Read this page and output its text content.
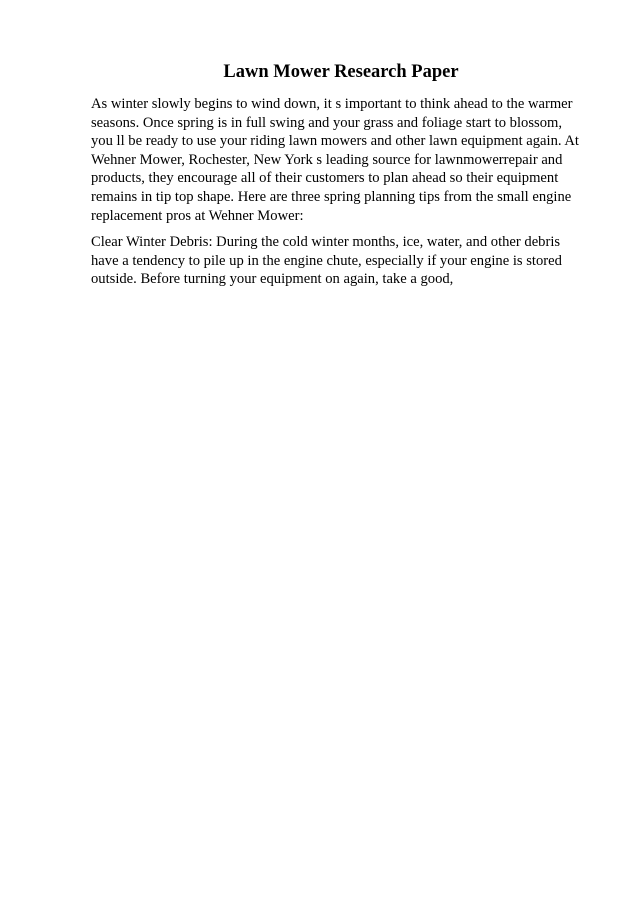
Lawn Mower Research Paper
As winter slowly begins to wind down, it s important to think ahead to the warmer
seasons. Once spring is in full swing and your grass and foliage start to blossom,
you ll be ready to use your riding lawn mowers and other lawn equipment again. At
Wehner Mower, Rochester, New York s leading source for lawnmowerrepair and
products, they encourage all of their customers to plan ahead so their equipment
remains in tip top shape. Here are three spring planning tips from the small engine
replacement pros at Wehner Mower:
Clear Winter Debris: During the cold winter months, ice, water, and other debris
have a tendency to pile up in the engine chute, especially if your engine is stored
outside. Before turning your equipment on again, take a good,
